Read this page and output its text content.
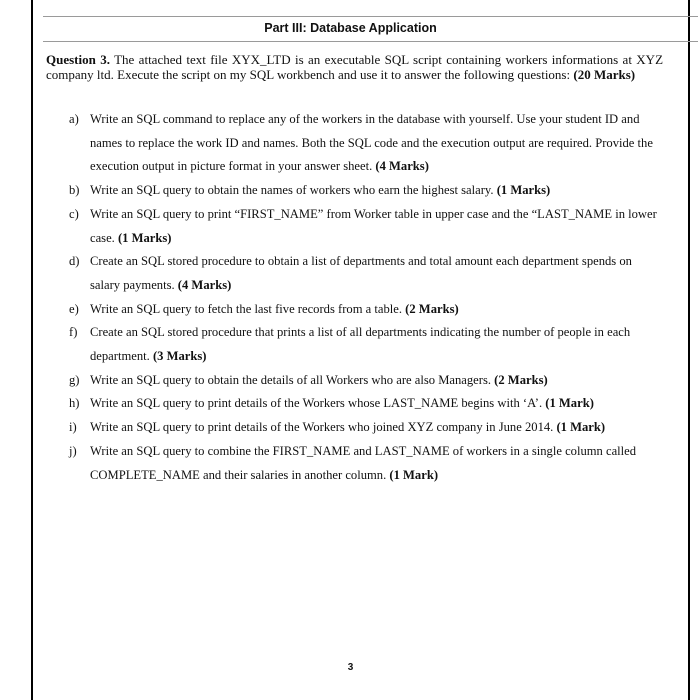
Part III: Database Application
Question 3. The attached text file XYX_LTD is an executable SQL script containing workers informations at XYZ company ltd. Execute the script on my SQL workbench and use it to answer the following questions: (20 Marks)
a) Write an SQL command to replace any of the workers in the database with yourself. Use your student ID and names to replace the work ID and names. Both the SQL code and the execution output are required. Provide the execution output in picture format in your answer sheet. (4 Marks)
b) Write an SQL query to obtain the names of workers who earn the highest salary. (1 Marks)
c) Write an SQL query to print “FIRST_NAME” from Worker table in upper case and the “LAST_NAME in lower case. (1 Marks)
d) Create an SQL stored procedure to obtain a list of departments and total amount each department spends on salary payments. (4 Marks)
e) Write an SQL query to fetch the last five records from a table. (2 Marks)
f) Create an SQL stored procedure that prints a list of all departments indicating the number of people in each department. (3 Marks)
g) Write an SQL query to obtain the details of all Workers who are also Managers. (2 Marks)
h) Write an SQL query to print details of the Workers whose LAST_NAME begins with ‘A’. (1 Mark)
i) Write an SQL query to print details of the Workers who joined XYZ company in June 2014. (1 Mark)
j) Write an SQL query to combine the FIRST_NAME and LAST_NAME of workers in a single column called COMPLETE_NAME and their salaries in another column. (1 Mark)
3
